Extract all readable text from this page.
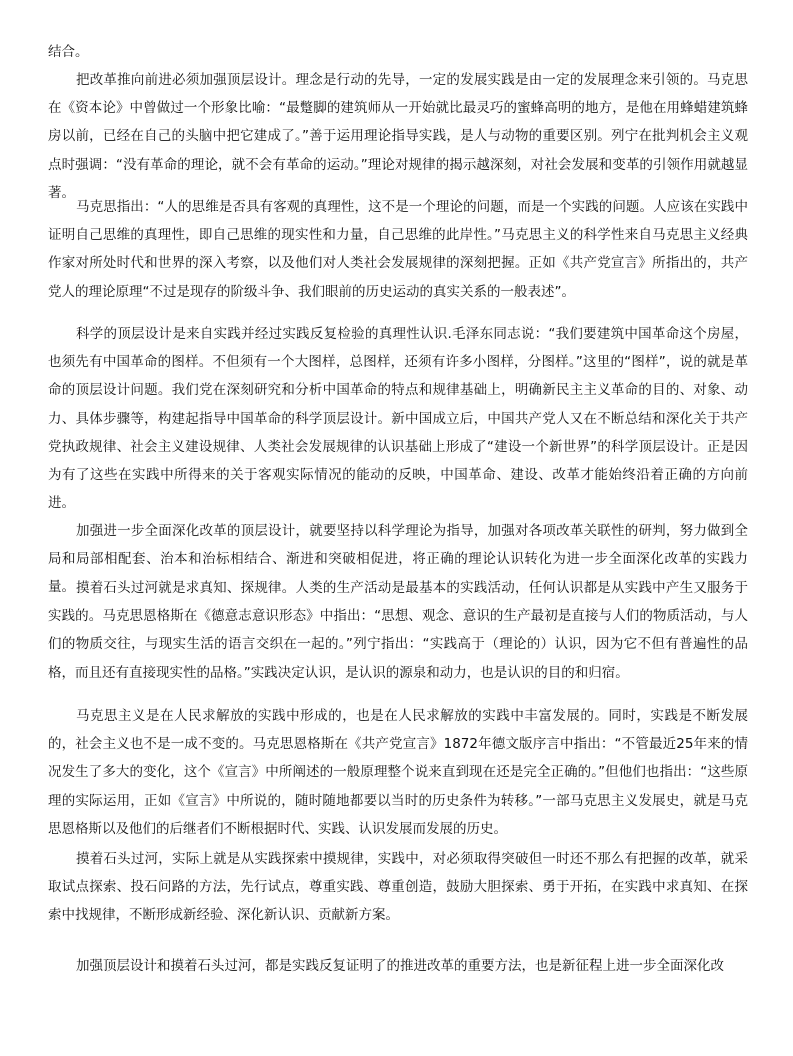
结合。

把改革推向前进必须加强顶层设计。理念是行动的先导，一定的发展实践是由一定的发展理念来引领的。马克思在《资本论》中曾做过一个形象比喻：“最蹩脚的建筑师从一开始就比最灵巧的蜜蜂高明的地方，是他在用蜂蜡建筑蜂房以前，已经在自己的头脑中把它建成了。”善于运用理论指导实践，是人与动物的重要区别。列宁在批判机会主义观点时强调：“没有革命的理论，就不会有革命的运动。”理论对规律的揭示越深刻，对社会发展和变革的引领作用就越显著。

马克思指出：“人的思维是否具有客观的真理性，这不是一个理论的问题，而是一个实践的问题。人应该在实践中证明自己思维的真理性，即自己思维的现实性和力量，自己思维的此岸性。”马克思主义的科学性来自马克思主义经典作家对所处时代和世界的深入考察，以及他们对人类社会发展规律的深刻把握。正如《共产党宣言》所指出的，共产党人的理论原理“不过是现存的阶级斗争、我们眼前的历史运动的真实关系的一般表述”。

科学的顶层设计是来自实践并经过实践反复检验的真理性认识.毛泽东同志说：“我们要建筑中国革命这个房屋，也须先有中国革命的图样。不但须有一个大图样，总图样，还须有许多小图样，分图样。”这里的“图样”，说的就是革命的顶层设计问题。我们党在深刻研究和分析中国革命的特点和规律基础上，明确新民主主义革命的目的、对象、动力、具体步骤等，构建起指导中国革命的科学顶层设计。新中国成立后，中国共产党人又在不断总结和深化关于共产党执政规律、社会主义建设规律、人类社会发展规律的认识基础上形成了“建设一个新世界”的科学顶层设计。正是因为有了这些在实践中所得来的关于客观实际情况的能动的反映，中国革命、建设、改革才能始终沿着正确的方向前进。

加强进一步全面深化改革的顶层设计，就要坚持以科学理论为指导，加强对各项改革关联性的研判，努力做到全局和局部相配套、治本和治标相结合、渐进和突破相促进，将正确的理论认识转化为进一步全面深化改革的实践力量。 摸着石头过河就是求真知、探规律。人类的生产活动是最基本的实践活动，任何认识都是从实践中产生又服务于实践的。马克思恩格斯在《德意志意识形态》中指出：“思想、观念、意识的生产最初是直接与人们的物质活动，与人们的物质交往，与现实生活的语言交织在一起的。”列宁指出：“实践高于（理论的）认识，因为它不但有普遍性的品格，而且还有直接现实性的品格。”实践决定认识，是认识的源泉和动力，也是认识的目的和归宿。

马克思主义是在人民求解放的实践中形成的，也是在人民求解放的实践中丰富发展的。同时，实践是不断发展的，社会主义也不是一成不变的。马克思恩格斯在《共产党宣言》1872年德文版序言中指出：“不管最近25年来的情况发生了多大的变化，这个《宣言》中所阐述的一般原理整个说来直到现在还是完全正确的。”但他们也指出：“这些原理的实际运用，正如《宣言》中所说的，随时随地都要以当时的历史条件为转移。”一部马克思主义发展史，就是马克思恩格斯以及他们的后继者们不断根据时代、实践、认识发展而发展的历史。

摸着石头过河，实际上就是从实践探索中摸规律，实践中，对必须取得突破但一时还不那么有把握的改革，就采取试点探索、投石问路的方法，先行试点，尊重实践、尊重创造，鼓励大胆探索、勇于开拓，在实践中求真知、在探索中找规律，不断形成新经验、深化新认识、贡献新方案。

加强顶层设计和摸着石头过河，都是实践反复证明了的推进改革的重要方法，也是新征程上进一步全面深化改
